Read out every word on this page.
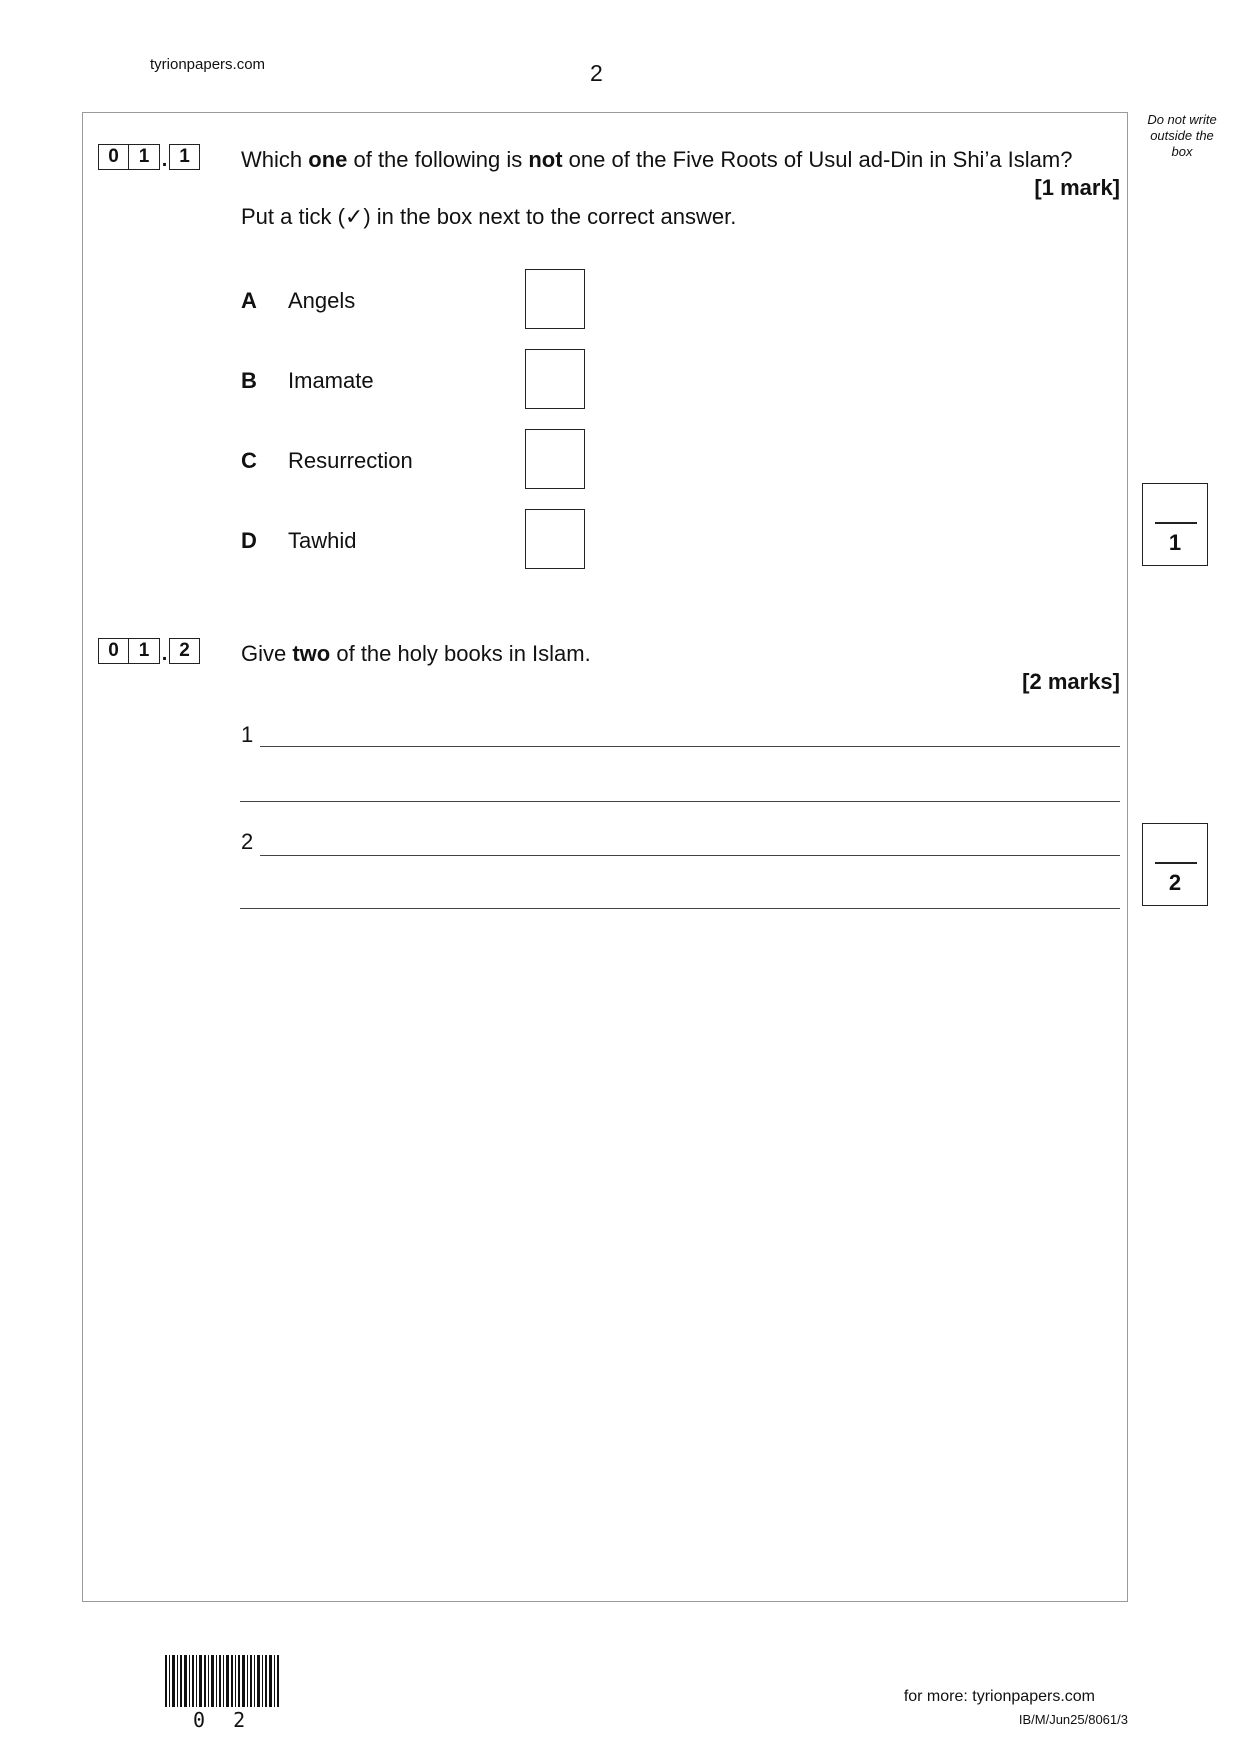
tyrionpapers.com	2
Do not write
outside the
box
0	1 . 1	Which one of the following is not one of the Five Roots of Usul ad-Din in Shi’a Islam?
[1 mark]
Put a tick (✓) in the box next to the correct answer.
A Angels
B Imamate
C Resurrection
D Tawhid	1
0	1 . 2	Give two of the holy books in Islam.
[2 marks]
1
2
2
0 2
for more: tyrionpapers.com
IB/M/Jun25/8061/3
